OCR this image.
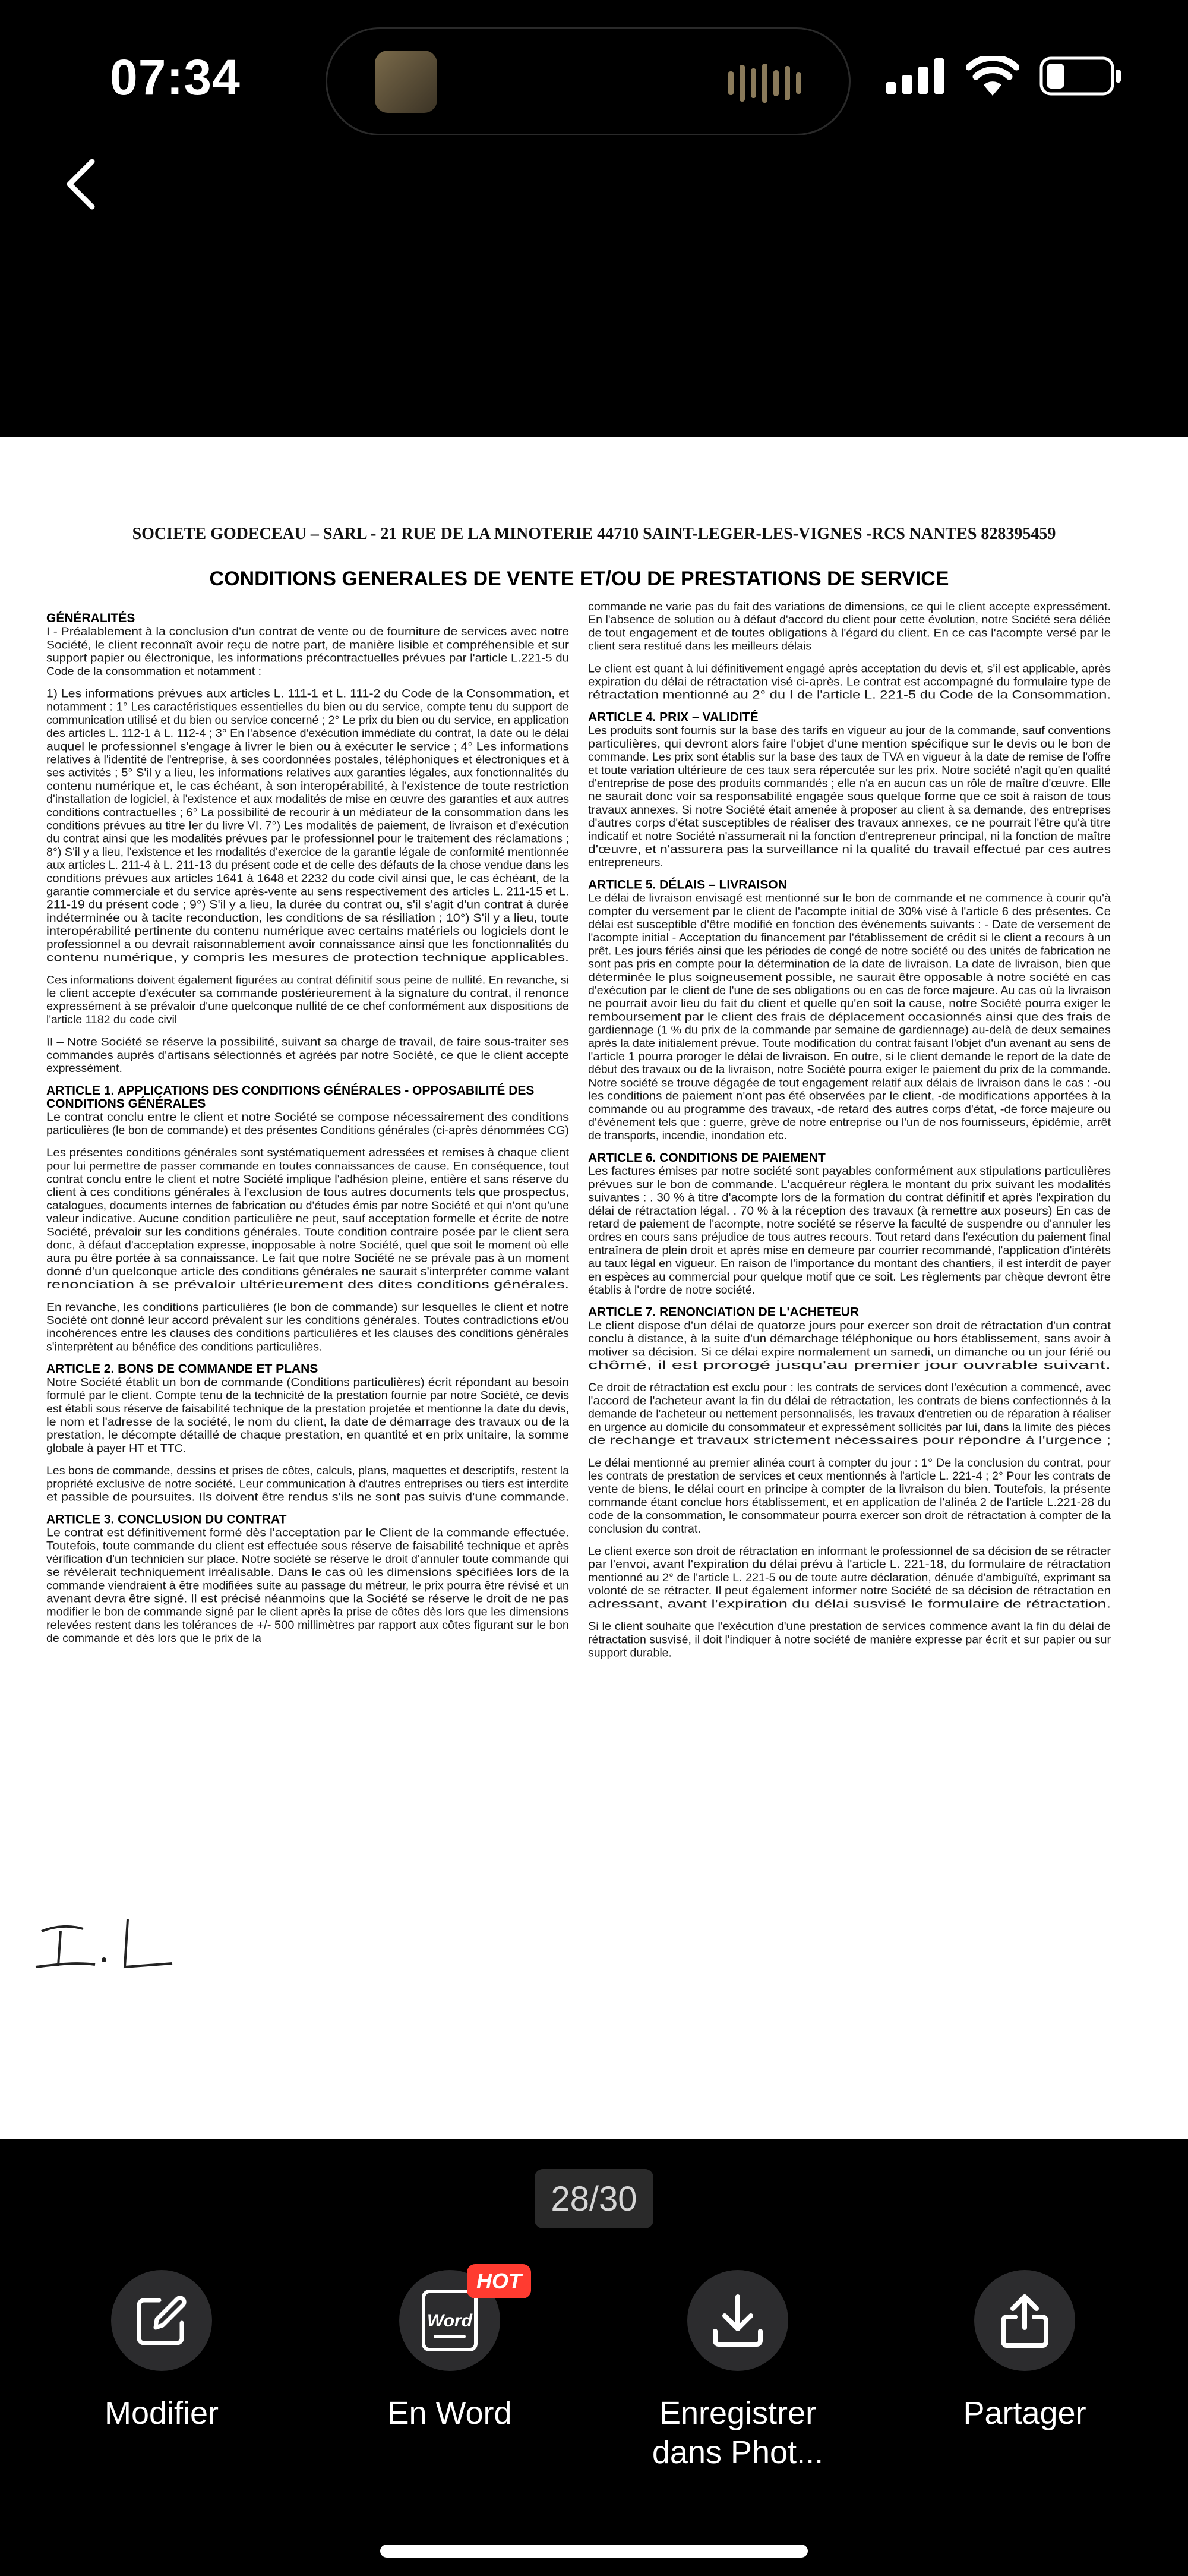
07:34
SOCIETE GODECEAU – SARL - 21 RUE DE LA MINOTERIE 44710 SAINT-LEGER-LES-VIGNES -RCS NANTES 828395459
CONDITIONS GENERALES DE VENTE ET/OU DE PRESTATIONS DE SERVICE
GÉNÉRALITÉS
I - Préalablement à la conclusion d'un contrat de vente ou de fourniture de services avec notre Société, le client reconnaît avoir reçu de notre part, de manière lisible et compréhensible et sur support papier ou électronique, les informations précontractuelles prévues par l'article L.221-5 du Code de la consommation et notamment :
1) Les informations prévues aux articles L. 111-1 et L. 111-2 du Code de la Consommation, et notamment : 1° Les caractéristiques essentielles du bien ou du service, compte tenu du support de communication utilisé et du bien ou service concerné ; 2° Le prix du bien ou du service, en application des articles L. 112-1 à L. 112-4 ; 3° En l'absence d'exécution immédiate du contrat, la date ou le délai auquel le professionnel s'engage à livrer le bien ou à exécuter le service ; 4° Les informations relatives à l'identité de l'entreprise, à ses coordonnées postales, téléphoniques et électroniques et à ses activités ; 5° S'il y a lieu, les informations relatives aux garanties légales, aux fonctionnalités du contenu numérique et, le cas échéant, à son interopérabilité, à l'existence de toute restriction d'installation de logiciel, à l'existence et aux modalités de mise en œuvre des garanties et aux autres conditions contractuelles ; 6° La possibilité de recourir à un médiateur de la consommation dans les conditions prévues au titre Ier du livre VI. 7°) Les modalités de paiement, de livraison et d'exécution du contrat ainsi que les modalités prévues par le professionnel pour le traitement des réclamations ; 8°) S'il y a lieu, l'existence et les modalités d'exercice de la garantie légale de conformité mentionnée aux articles L. 211-4 à L. 211-13 du présent code et de celle des défauts de la chose vendue dans les conditions prévues aux articles 1641 à 1648 et 2232 du code civil ainsi que, le cas échéant, de la garantie commerciale et du service après-vente au sens respectivement des articles L. 211-15 et L. 211-19 du présent code ; 9°) S'il y a lieu, la durée du contrat ou, s'il s'agit d'un contrat à durée indéterminée ou à tacite reconduction, les conditions de sa résiliation ; 10°) S'il y a lieu, toute interopérabilité pertinente du contenu numérique avec certains matériels ou logiciels dont le professionnel a ou devrait raisonnablement avoir connaissance ainsi que les fonctionnalités du contenu numérique, y compris les mesures de protection technique applicables.
Ces informations doivent également figurées au contrat définitif sous peine de nullité. En revanche, si le client accepte d'exécuter sa commande postérieurement à la signature du contrat, il renonce expressément à se prévaloir d'une quelconque nullité de ce chef conformément aux dispositions de l'article 1182 du code civil
II – Notre Société se réserve la possibilité, suivant sa charge de travail, de faire sous-traiter ses commandes auprès d'artisans sélectionnés et agréés par notre Société, ce que le client accepte expressément.
ARTICLE 1. APPLICATIONS DES CONDITIONS GÉNÉRALES - OPPOSABILITÉ DES CONDITIONS GÉNÉRALES
Le contrat conclu entre le client et notre Société se compose nécessairement des conditions particulières (le bon de commande) et des présentes Conditions générales (ci-après dénommées CG)
Les présentes conditions générales sont systématiquement adressées et remises à chaque client pour lui permettre de passer commande en toutes connaissances de cause. En conséquence, tout contrat conclu entre le client et notre Société implique l'adhésion pleine, entière et sans réserve du client à ces conditions générales à l'exclusion de tous autres documents tels que prospectus, catalogues, documents internes de fabrication ou d'études émis par notre Société et qui n'ont qu'une valeur indicative. Aucune condition particulière ne peut, sauf acceptation formelle et écrite de notre Société, prévaloir sur les conditions générales. Toute condition contraire posée par le client sera donc, à défaut d'acceptation expresse, inopposable à notre Société, quel que soit le moment où elle aura pu être portée à sa connaissance. Le fait que notre Société ne se prévale pas à un moment donné d'un quelconque article des conditions générales ne saurait s'interpréter comme valant renonciation à se prévaloir ultérieurement des dites conditions générales.
En revanche, les conditions particulières (le bon de commande) sur lesquelles le client et notre Société ont donné leur accord prévalent sur les conditions générales. Toutes contradictions et/ou incohérences entre les clauses des conditions particulières et les clauses des conditions générales s'interprètent au bénéfice des conditions particulières.
ARTICLE 2. BONS DE COMMANDE ET PLANS
Notre Société établit un bon de commande (Conditions particulières) écrit répondant au besoin formulé par le client. Compte tenu de la technicité de la prestation fournie par notre Société, ce devis est établi sous réserve de faisabilité technique de la prestation projetée et mentionne la date du devis, le nom et l'adresse de la société, le nom du client, la date de démarrage des travaux ou de la prestation, le décompte détaillé de chaque prestation, en quantité et en prix unitaire, la somme globale à payer HT et TTC.
Les bons de commande, dessins et prises de côtes, calculs, plans, maquettes et descriptifs, restent la propriété exclusive de notre société. Leur communication à d'autres entreprises ou tiers est interdite et passible de poursuites. Ils doivent être rendus s'ils ne sont pas suivis d'une commande.
ARTICLE 3. CONCLUSION DU CONTRAT
Le contrat est définitivement formé dès l'acceptation par le Client de la commande effectuée. Toutefois, toute commande du client est effectuée sous réserve de faisabilité technique et après vérification d'un technicien sur place. Notre société se réserve le droit d'annuler toute commande qui se révélerait techniquement irréalisable. Dans le cas où les dimensions spécifiées lors de la commande viendraient à être modifiées suite au passage du métreur, le prix pourra être révisé et un avenant devra être signé. Il est précisé néanmoins que la Société se réserve le droit de ne pas modifier le bon de commande signé par le client après la prise de côtes dès lors que les dimensions relevées restent dans les tolérances de +/- 500 millimètres par rapport aux côtes figurant sur le bon de commande et dès lors que le prix de la
commande ne varie pas du fait des variations de dimensions, ce qui le client accepte expressément. En l'absence de solution ou à défaut d'accord du client pour cette évolution, notre Société sera déliée de tout engagement et de toutes obligations à l'égard du client. En ce cas l'acompte versé par le client sera restitué dans les meilleurs délais
Le client est quant à lui définitivement engagé après acceptation du devis et, s'il est applicable, après expiration du délai de rétractation visé ci-après. Le contrat est accompagné du formulaire type de rétractation mentionné au 2° du I de l'article L. 221-5 du Code de la Consommation.
ARTICLE 4. PRIX – VALIDITÉ
Les produits sont fournis sur la base des tarifs en vigueur au jour de la commande, sauf conventions particulières, qui devront alors faire l'objet d'une mention spécifique sur le devis ou le bon de commande. Les prix sont établis sur la base des taux de TVA en vigueur à la date de remise de l'offre et toute variation ultérieure de ces taux sera répercutée sur les prix. Notre société n'agit qu'en qualité d'entreprise de pose des produits commandés ; elle n'a en aucun cas un rôle de maître d'œuvre. Elle ne saurait donc voir sa responsabilité engagée sous quelque forme que ce soit à raison de tous travaux annexes. Si notre Société était amenée à proposer au client à sa demande, des entreprises d'autres corps d'état susceptibles de réaliser des travaux annexes, ce ne pourrait l'être qu'à titre indicatif et notre Société n'assumerait ni la fonction d'entrepreneur principal, ni la fonction de maître d'œuvre, et n'assurera pas la surveillance ni la qualité du travail effectué par ces autres entrepreneurs.
ARTICLE 5. DÉLAIS – LIVRAISON
Le délai de livraison envisagé est mentionné sur le bon de commande et ne commence à courir qu'à compter du versement par le client de l'acompte initial de 30% visé à l'article 6 des présentes. Ce délai est susceptible d'être modifié en fonction des événements suivants : - Date de versement de l'acompte initial - Acceptation du financement par l'établissement de crédit si le client a recours à un prêt. Les jours fériés ainsi que les périodes de congé de notre société ou des unités de fabrication ne sont pas pris en compte pour la détermination de la date de livraison. La date de livraison, bien que déterminée le plus soigneusement possible, ne saurait être opposable à notre société en cas d'exécution par le client de l'une de ses obligations ou en cas de force majeure. Au cas où la livraison ne pourrait avoir lieu du fait du client et quelle qu'en soit la cause, notre Société pourra exiger le remboursement par le client des frais de déplacement occasionnés ainsi que des frais de gardiennage (1 % du prix de la commande par semaine de gardiennage) au-delà de deux semaines après la date initialement prévue. Toute modification du contrat faisant l'objet d'un avenant au sens de l'article 1 pourra proroger le délai de livraison. En outre, si le client demande le report de la date de début des travaux ou de la livraison, notre Société pourra exiger le paiement du prix de la commande. Notre société se trouve dégagée de tout engagement relatif aux délais de livraison dans le cas : -ou les conditions de paiement n'ont pas été observées par le client, -de modifications apportées à la commande ou au programme des travaux, -de retard des autres corps d'état, -de force majeure ou d'événement tels que : guerre, grève de notre entreprise ou l'un de nos fournisseurs, épidémie, arrêt de transports, incendie, inondation etc.
ARTICLE 6. CONDITIONS DE PAIEMENT
Les factures émises par notre société sont payables conformément aux stipulations particulières prévues sur le bon de commande. L'acquéreur règlera le montant du prix suivant les modalités suivantes : . 30 % à titre d'acompte lors de la formation du contrat définitif et après l'expiration du délai de rétractation légal. . 70 % à la réception des travaux (à remettre aux poseurs) En cas de retard de paiement de l'acompte, notre société se réserve la faculté de suspendre ou d'annuler les ordres en cours sans préjudice de tous autres recours. Tout retard dans l'exécution du paiement final entraînera de plein droit et après mise en demeure par courrier recommandé, l'application d'intérêts au taux légal en vigueur. En raison de l'importance du montant des chantiers, il est interdit de payer en espèces au commercial pour quelque motif que ce soit. Les règlements par chèque devront être établis à l'ordre de notre société.
ARTICLE 7. RENONCIATION DE L'ACHETEUR
Le client dispose d'un délai de quatorze jours pour exercer son droit de rétractation d'un contrat conclu à distance, à la suite d'un démarchage téléphonique ou hors établissement, sans avoir à motiver sa décision. Si ce délai expire normalement un samedi, un dimanche ou un jour férié ou chômé, il est prorogé jusqu'au premier jour ouvrable suivant.
Ce droit de rétractation est exclu pour : les contrats de services dont l'exécution a commencé, avec l'accord de l'acheteur avant la fin du délai de rétractation, les contrats de biens confectionnés à la demande de l'acheteur ou nettement personnalisés, les travaux d'entretien ou de réparation à réaliser en urgence au domicile du consommateur et expressément sollicités par lui, dans la limite des pièces de rechange et travaux strictement nécessaires pour répondre à l'urgence ;
Le délai mentionné au premier alinéa court à compter du jour : 1° De la conclusion du contrat, pour les contrats de prestation de services et ceux mentionnés à l'article L. 221-4 ; 2° Pour les contrats de vente de biens, le délai court en principe à compter de la livraison du bien. Toutefois, la présente commande étant conclue hors établissement, et en application de l'alinéa 2 de l'article L.221-28 du code de la consommation, le consommateur pourra exercer son droit de rétractation à compter de la conclusion du contrat.
Le client exerce son droit de rétractation en informant le professionnel de sa décision de se rétracter par l'envoi, avant l'expiration du délai prévu à l'article L. 221-18, du formulaire de rétractation mentionné au 2° de l'article L. 221-5 ou de toute autre déclaration, dénuée d'ambiguïté, exprimant sa volonté de se rétracter. Il peut également informer notre Société de sa décision de rétractation en adressant, avant l'expiration du délai susvisé le formulaire de rétractation.
Si le client souhaite que l'exécution d'une prestation de services commence avant la fin du délai de rétractation susvisé, il doit l'indiquer à notre société de manière expresse par écrit et sur papier ou sur support durable.
28/30
Modifier
Word
HOT
En Word	Enregistrer
dans Phot...
Partager
